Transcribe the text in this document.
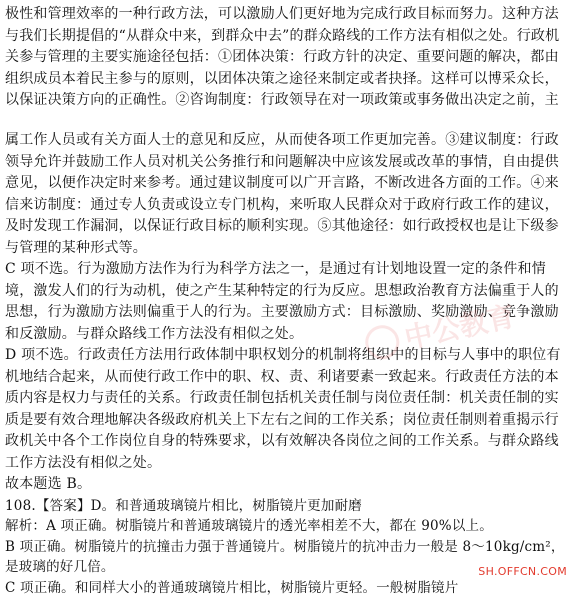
极性和管理效率的一种行政方法，可以激励人们更好地为完成行政目标而努力。这种方法与我们长期提倡的“从群众中来，到群众中去”的群众路线的工作方法有相似之处。行政机关参与管理的主要实施途径包括：①团体决策：行政方针的决定、重要问题的解决，都由组织成员本着民主参与的原则，以团体决策之途径来制定或者抉择。这样可以博采众长，以保证决策方向的正确性。②咨询制度：行政领导在对一项政策或事务做出决定之前，主

属工作人员或有关方面人士的意见和反应，从而使各项工作更加完善。③建议制度：行政领导允许并鼓励工作人员对机关公务推行和问题解决中应该发展或改革的事情，自由提供意见，以便作决定时来参考。通过建议制度可以广开言路，不断改进各方面的工作。④来信来访制度：通过专人负责或设立专门机构，来听取人民群众对于政府行政工作的建议，及时发现工作漏洞，以保证行政目标的顺利实现。⑤其他途径：如行政授权也是让下级参与管理的某种形式等。

C 项不选。行为激励方法作为行为科学方法之一，是通过有计划地设置一定的条件和情境，激发人们的行为动机，使之产生某种特定的行为反应。思想政治教育方法偏重于人的思想，行为激励方法则偏重于人的行为。主要激励方式：目标激励、奖励激励、竞争激励和反激励。与群众路线工作方法没有相似之处。

D 项不选。行政责任方法用行政体制中职权划分的机制将组织中的目标与人事中的职位有机地结合起来，从而使行政工作中的职、权、责、利诸要素一致起来。行政责任方法的本质内容是权力与责任的关系。行政责任制包括机关责任制与岗位责任制：机关责任制的实质是要有效合理地解决各级政府机关上下左右之间的工作关系；岗位责任制则着重揭示行政机关中各个工作岗位自身的特殊要求，以有效解决各岗位之间的工作关系。与群众路线工作方法没有相似之处。

故本题选 B。

108.【答案】D。和普通玻璃镜片相比，树脂镜片更加耐磨

解析：A 项正确。树脂镜片和普通玻璃镜片的透光率相差不大，都在 90%以上。

B 项正确。树脂镜片的抗撞击力强于普通镜片。树脂镜片的抗冲击力一般是 8～10kg/cm²，是玻璃的好几倍。

C 项正确。和同样大小的普通玻璃镜片相比，树脂镜片更轻。一般树脂镜片

中公教育
SH.OFFCN.COM
